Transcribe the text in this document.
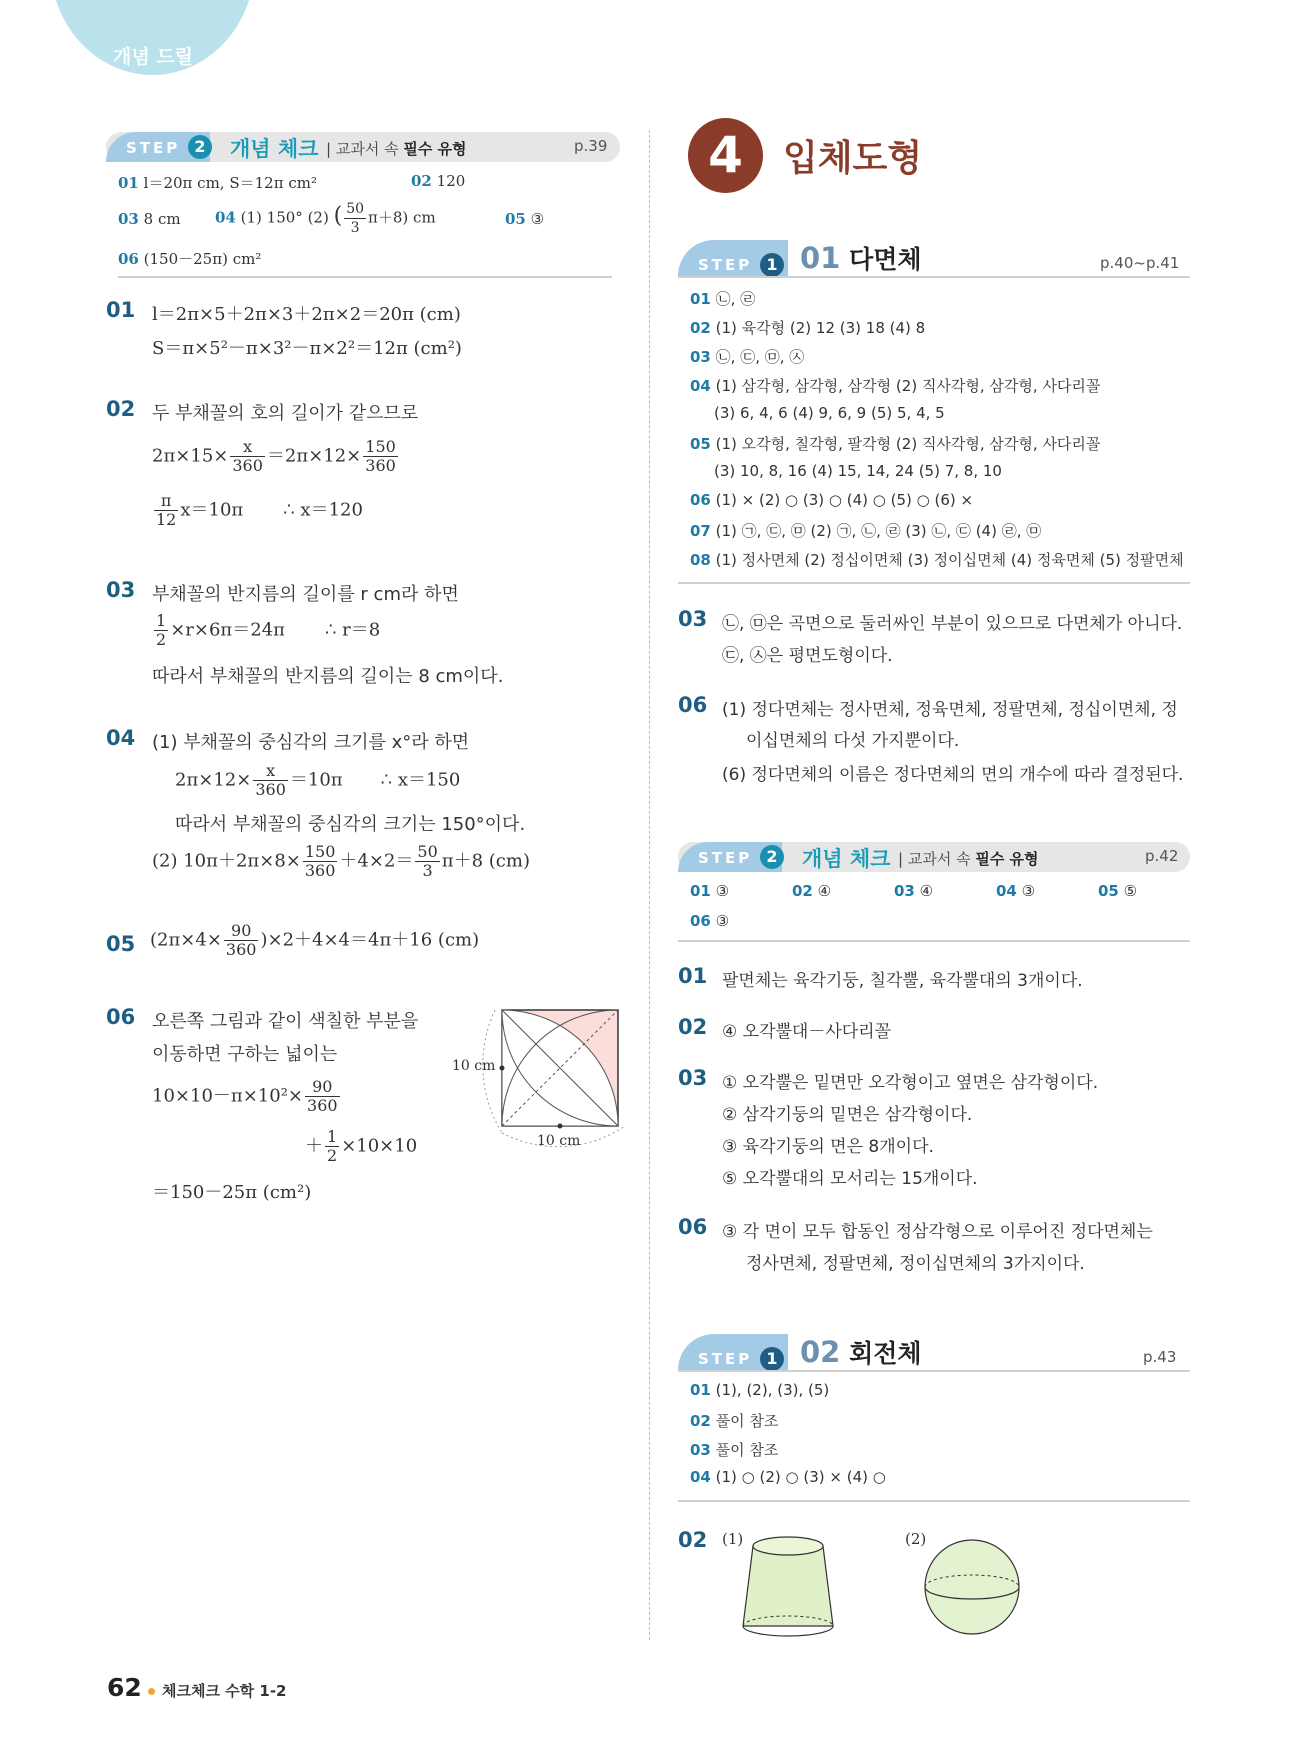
개념 드릴
STEP 2	개념 체크 | 교과서 속 필수 유형	p.39
01 l＝20π cm, S＝12π cm²	02 120
03 8 cm 04 (1) 150° (2) ( $\frac{50}{3} \pi+8$) cm	05 ③
06 (150－25π) cm²
01 l＝2π×5＋2π×3＋2π×2＝20π (cm)
S＝π×5²－π×3²－π×2²＝12π (cm²)
02 두 부채꼴의 호의 길이가 같으므로
$2\pi\times 15\times \frac{x}{360} =2\pi\times 12\times \frac{150}{360}$
$\frac{\pi}{12} x=10\pi$ ∴ x＝120
03 부채꼴의 반지름의 길이를 r cm라 하면
$\frac{1}{2} \times r\times 6\pi=24\pi$ ∴ r＝8
따라서 부채꼴의 반지름의 길이는 8 cm이다.
04 (1) 부채꼴의 중심각의 크기를 x°라 하면
$2\pi\times 12\times \frac{x}{360} =10\pi$ ∴ x＝150
따라서 부채꼴의 중심각의 크기는 150°이다.
(2) $10\pi+2\pi\times 8\times \frac{150}{360} +4\times 2= \frac{50}{3} \pi+8$ (cm)
05 $(2\pi\times 4\times \frac{90}{360} )\times 2+4\times 4=4\pi+16$ (cm)
06 오른쪽 그림과 같이 색칠한 부분을
이동하면 구하는 넓이는
$10\times 10-\pi\times 10^2\times \frac{90}{360}$
＋ $\frac{1}{2} \times 10\times 10$
＝150－25π (cm²)
10 cm
10 cm
4	입체도형
STEP 1 01 다면체	p.40~p.41
01 ㉡, ㉣
02 (1) 육각형 (2) 12 (3) 18 (4) 8
03 ㉡, ㉢, ㉤, ㉦
04 (1) 삼각형, 삼각형, 삼각형 (2) 직사각형, 삼각형, 사다리꼴
(3) 6, 4, 6 (4) 9, 6, 9 (5) 5, 4, 5
05 (1) 오각형, 칠각형, 팔각형 (2) 직사각형, 삼각형, 사다리꼴
(3) 10, 8, 16 (4) 15, 14, 24 (5) 7, 8, 10
06 (1) × (2) ○ (3) ○ (4) ○ (5) ○ (6) ×
07 (1) ㉠, ㉢, ㉤ (2) ㉠, ㉡, ㉣ (3) ㉡, ㉢ (4) ㉣, ㉤
08 (1) 정사면체 (2) 정십이면체 (3) 정이십면체 (4) 정육면체 (5) 정팔면체
03 ㉡, ㉤은 곡면으로 둘러싸인 부분이 있으므로 다면체가 아니다.
㉢, ㉦은 평면도형이다.
06 (1) 정다면체는 정사면체, 정육면체, 정팔면체, 정십이면체, 정
이십면체의 다섯 가지뿐이다.
(6) 정다면체의 이름은 정다면체의 면의 개수에 따라 결정된다.
STEP 2	개념 체크 | 교과서 속 필수 유형	p.42
01 ③	02 ④	03 ④	04 ③	05 ⑤
06 ③
01 팔면체는 육각기둥, 칠각뿔, 육각뿔대의 3개이다.
02 ④ 오각뿔대－사다리꼴
03 ① 오각뿔은 밑면만 오각형이고 옆면은 삼각형이다.
② 삼각기둥의 밑면은 삼각형이다.
③ 육각기둥의 면은 8개이다.
⑤ 오각뿔대의 모서리는 15개이다.
06 ③ 각 면이 모두 합동인 정삼각형으로 이루어진 정다면체는
정사면체, 정팔면체, 정이십면체의 3가지이다.
STEP 1 02 회전체	p.43
01 (1), (2), (3), (5)
02 풀이 참조
03 풀이 참조
04 (1) ○ (2) ○ (3) × (4) ○
02 (1)	(2)
62 체크체크 수학 1-2
